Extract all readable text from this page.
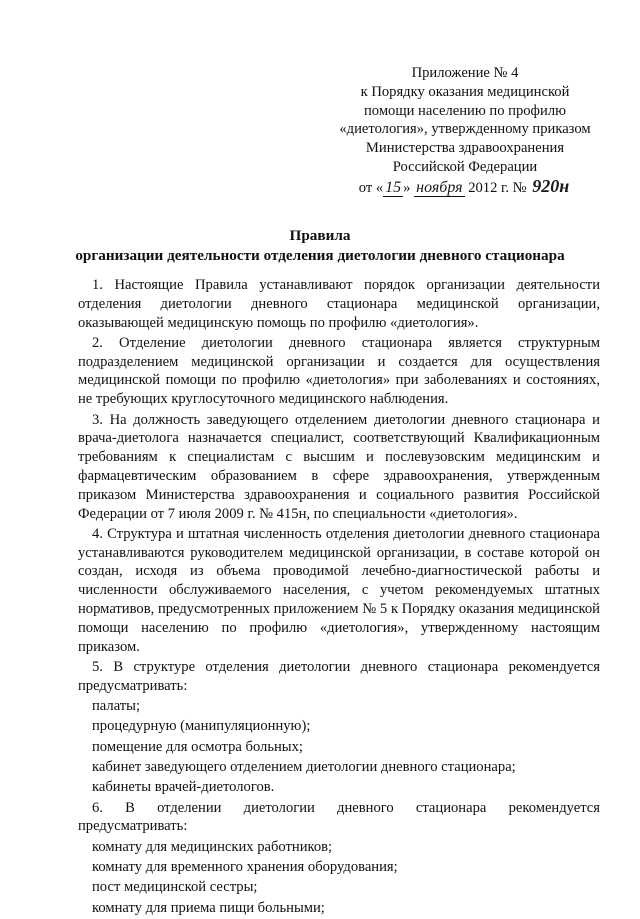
Приложение № 4
к Порядку оказания медицинской
помощи населению по профилю
«диетология», утвержденному приказом
Министерства здравоохранения
Российской Федерации
от « 15 » ноября 2012 г. № 920н
Правила
организации деятельности отделения диетологии дневного стационара

1. Настоящие Правила устанавливают порядок организации деятельности отделения диетологии дневного стационара медицинской организации, оказывающей медицинскую помощь по профилю «диетология».

2. Отделение диетологии дневного стационара является структурным подразделением медицинской организации и создается для осуществления медицинской помощи по профилю «диетология» при заболеваниях и состояниях, не требующих круглосуточного медицинского наблюдения.

3. На должность заведующего отделением диетологии дневного стационара и врача-диетолога назначается специалист, соответствующий Квалификационным требованиям к специалистам с высшим и послевузовским медицинским и фармацевтическим образованием в сфере здравоохранения, утвержденным приказом Министерства здравоохранения и социального развития Российской Федерации от 7 июля 2009 г. № 415н, по специальности «диетология».

4. Структура и штатная численность отделения диетологии дневного стационара устанавливаются руководителем медицинской организации, в составе которой он создан, исходя из объема проводимой лечебно-диагностической работы и численности обслуживаемого населения, с учетом рекомендуемых штатных нормативов, предусмотренных приложением № 5 к Порядку оказания медицинской помощи населению по профилю «диетология», утвержденному настоящим приказом.

5. В структуре отделения диетологии дневного стационара рекомендуется предусматривать:

палаты;
процедурную (манипуляционную);
помещение для осмотра больных;
кабинет заведующего отделением диетологии дневного стационара;
кабинеты врачей-диетологов.

6. В отделении диетологии дневного стационара рекомендуется предусматривать:

комнату для медицинских работников;
комнату для временного хранения оборудования;
пост медицинской сестры;
комнату для приема пищи больными;
